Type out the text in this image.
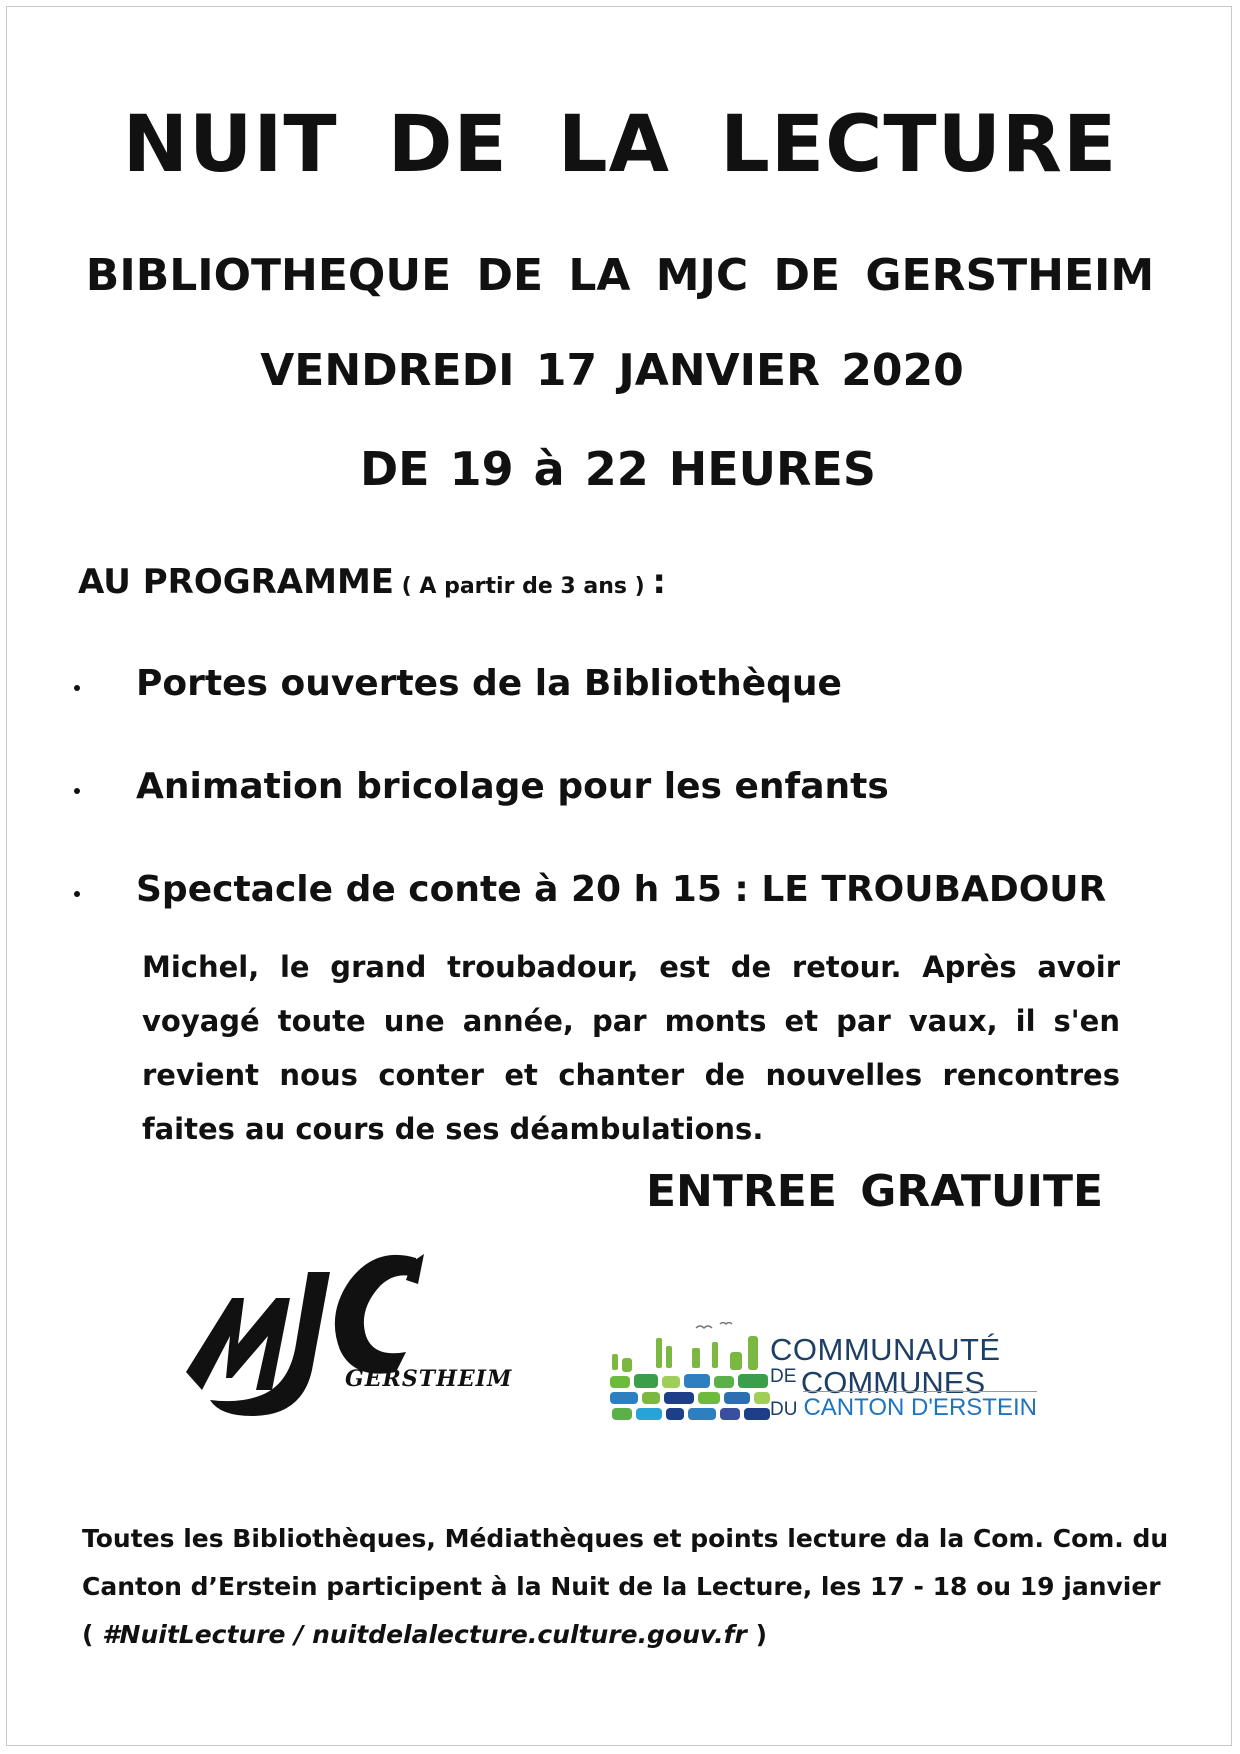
NUIT DE LA LECTURE
BIBLIOTHEQUE DE LA MJC DE GERSTHEIM
VENDREDI 17 JANVIER 2020
DE 19 à 22 HEURES
AU PROGRAMME ( A partir de 3 ans ) :
Portes ouvertes de la Bibliothèque
Animation bricolage pour les enfants
Spectacle de conte à 20 h 15 : LE TROUBADOUR
Michel, le grand troubadour, est de retour. Après avoir voyagé toute une année, par monts et par vaux, il s'en revient nous conter et chanter de nouvelles rencontres faites au cours de ses déambulations.
ENTREE GRATUITE
GERSTHEIM
COMMUNAUTÉ
DE COMMUNES
DU CANTON D'ERSTEIN
Toutes les Bibliothèques, Médiathèques et points lecture da la Com. Com. du
Canton d’Erstein participent à la Nuit de la Lecture, les 17 - 18 ou 19 janvier
( #NuitLecture / nuitdelalecture.culture.gouv.fr )
